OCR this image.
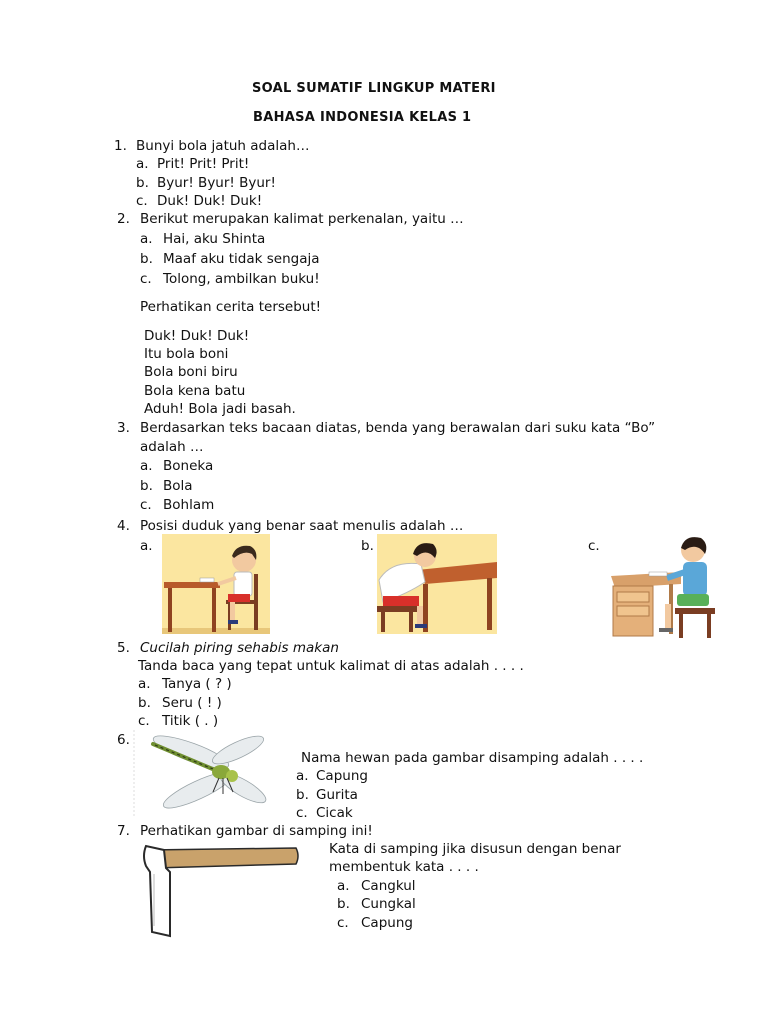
SOAL SUMATIF LINGKUP MATERI
BAHASA INDONESIA KELAS 1
1. Bunyi bola jatuh adalah…
a. Prit! Prit! Prit!
b. Byur! Byur! Byur!
c. Duk! Duk! Duk!
2. Berikut merupakan kalimat perkenalan, yaitu …
a. Hai, aku Shinta
b. Maaf aku tidak sengaja
c. Tolong, ambilkan buku!
Perhatikan cerita tersebut!
Duk! Duk! Duk!
Itu bola boni
Bola boni biru
Bola kena batu
Aduh! Bola jadi basah.
3. Berdasarkan teks bacaan diatas, benda yang berawalan dari suku kata “Bo”
adalah …
a. Boneka
b. Bola
c. Bohlam
4. Posisi duduk yang benar saat menulis adalah …
a.	b.	c.
5. Cucilah piring sehabis makan
Tanda baca yang tepat untuk kalimat di atas adalah . . . .
a. Tanya ( ? )
b. Seru ( ! )
c. Titik ( . )
6.
Nama hewan pada gambar disamping adalah . . . .
a. Capung
b. Gurita
c. Cicak
7. Perhatikan gambar di samping ini!
Kata di samping jika disusun dengan benar
membentuk kata . . . .
a. Cangkul
b. Cungkal
c. Capung
